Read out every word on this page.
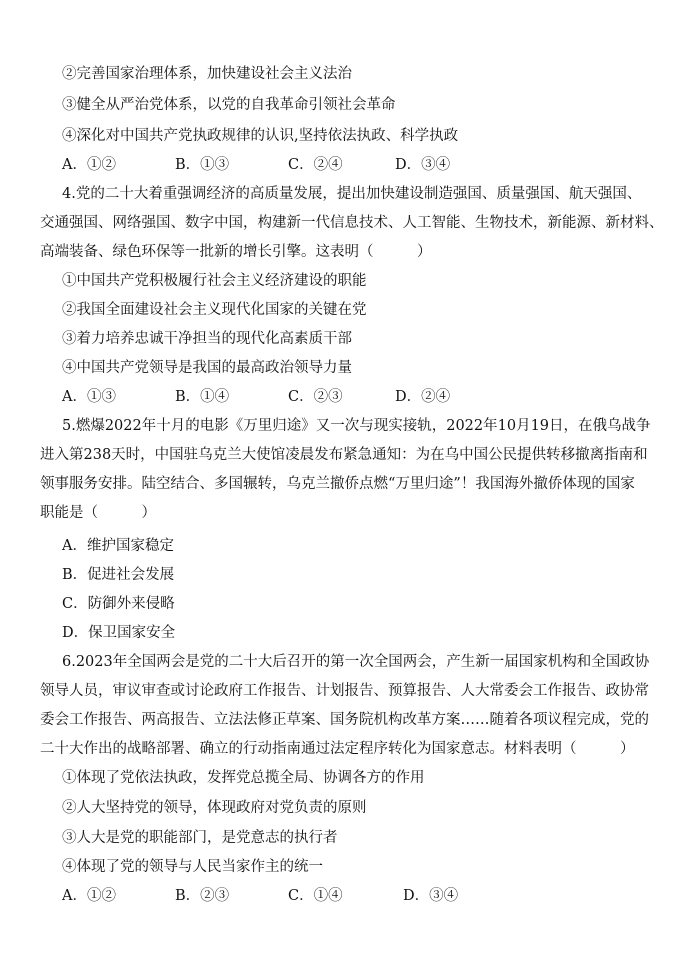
②完善国家治理体系，加快建设社会主义法治
③健全从严治党体系，以党的自我革命引领社会革命
④深化对中国共产党执政规律的认识,坚持依法执政、科学执政
A．①②	B．①③	C．②④	D．③④
4.党的二十大着重强调经济的高质量发展，提出加快建设制造强国、质量强国、航天强国、
交通强国、网络强国、数字中国，构建新一代信息技术、人工智能、生物技术，新能源、新材料、
高端装备、绿色环保等一批新的增长引擎。这表明（　　　）
①中国共产党积极履行社会主义经济建设的职能
②我国全面建设社会主义现代化国家的关键在党
③着力培养忠诚干净担当的现代化高素质干部
④中国共产党领导是我国的最高政治领导力量
A．①③	B．①④	C．②③	D．②④
5.燃爆2022年十月的电影《万里归途》又一次与现实接轨，2022年10月19日，在俄乌战争
进入第238天时，中国驻乌克兰大使馆凌晨发布紧急通知：为在乌中国公民提供转移撤离指南和
领事服务安排。陆空结合、多国辗转，乌克兰撤侨点燃“万里归途”！我国海外撤侨体现的国家
职能是（　　　）
A．维护国家稳定
B．促进社会发展
C．防御外来侵略
D．保卫国家安全
6.2023年全国两会是党的二十大后召开的第一次全国两会，产生新一届国家机构和全国政协
领导人员，审议审查或讨论政府工作报告、计划报告、预算报告、人大常委会工作报告、政协常
委会工作报告、两高报告、立法法修正草案、国务院机构改革方案……随着各项议程完成，党的
二十大作出的战略部署、确立的行动指南通过法定程序转化为国家意志。材料表明（　　　）
①体现了党依法执政，发挥党总揽全局、协调各方的作用
②人大坚持党的领导，体现政府对党负责的原则
③人大是党的职能部门，是党意志的执行者
④体现了党的领导与人民当家作主的统一
A．①②	B．②③	C．①④	D．③④
